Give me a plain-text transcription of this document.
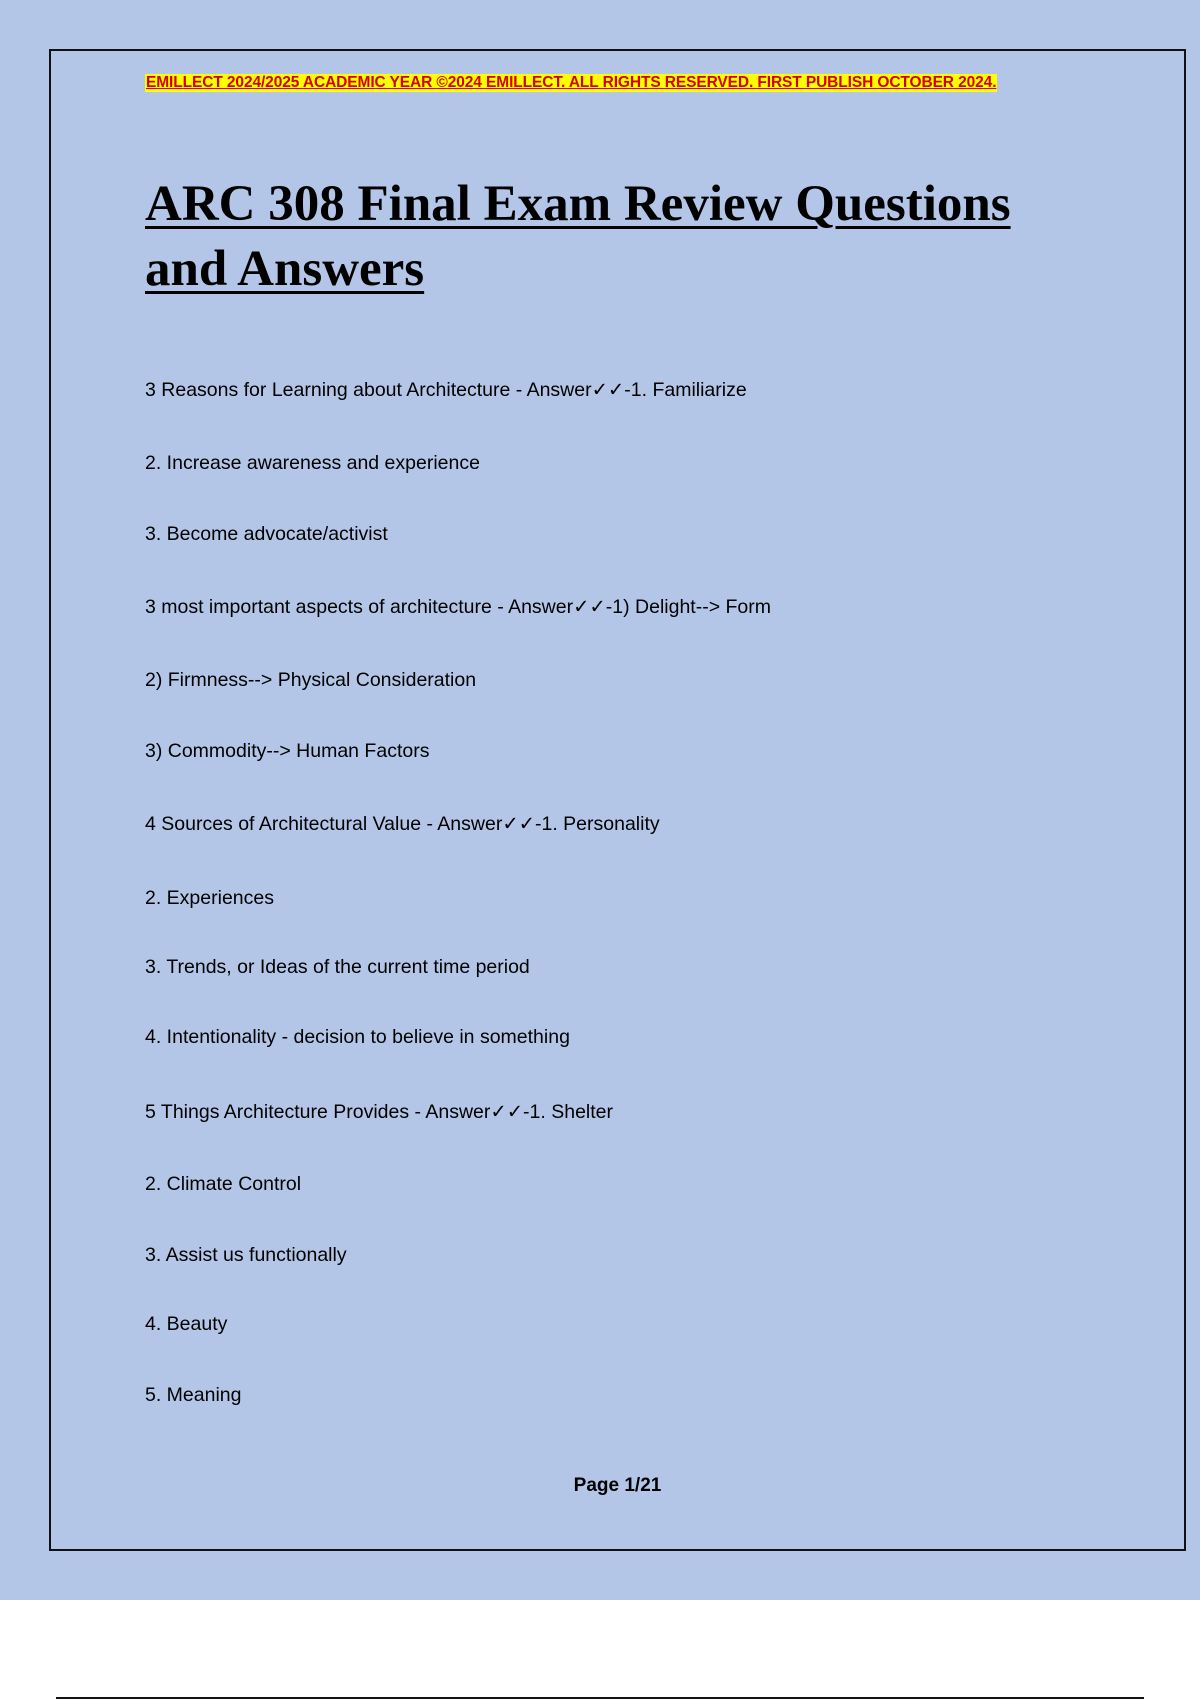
EMILLECT 2024/2025 ACADEMIC YEAR ©2024 EMILLECT. ALL RIGHTS RESERVED. FIRST PUBLISH OCTOBER 2024.

ARC 308 Final Exam Review Questions and Answers
3 Reasons for Learning about Architecture - Answer✓✓-1. Familiarize
2. Increase awareness and experience
3. Become advocate/activist
3 most important aspects of architecture - Answer✓✓-1) Delight--> Form
2) Firmness--> Physical Consideration
3) Commodity--> Human Factors
4 Sources of Architectural Value - Answer✓✓-1. Personality
2. Experiences
3. Trends, or Ideas of the current time period
4. Intentionality - decision to believe in something
5 Things Architecture Provides - Answer✓✓-1. Shelter
2. Climate Control
3. Assist us functionally
4. Beauty
5. Meaning
Page 1/21
